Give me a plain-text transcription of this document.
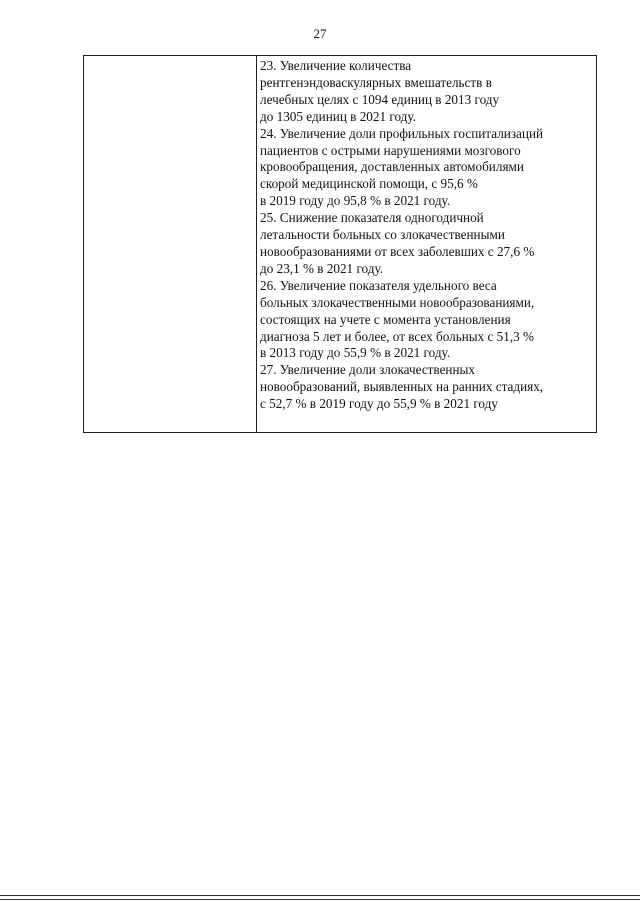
27

23. Увеличение количества

рентгенэндоваскулярных вмешательств в

лечебных целях с 1094 единиц в 2013 году

до 1305 единиц в 2021 году.

24. Увеличение доли профильных госпитализаций

пациентов с острыми нарушениями мозгового

кровообращения, доставленных автомобилями

скорой медицинской помощи, с 95,6 %

в 2019 году до 95,8 % в 2021 году.

25. Снижение показателя одногодичной

летальности больных со злокачественными

новообразованиями от всех заболевших с 27,6 %

до 23,1 % в 2021 году.

26. Увеличение показателя удельного веса

больных злокачественными новообразованиями,

состоящих на учете с момента установления

диагноза 5 лет и более, от всех больных с 51,3 %

в 2013 году до 55,9 % в 2021 году.

27. Увеличение доли злокачественных

новообразований, выявленных на ранних стадиях,

с 52,7 % в 2019 году до 55,9 % в 2021 году
